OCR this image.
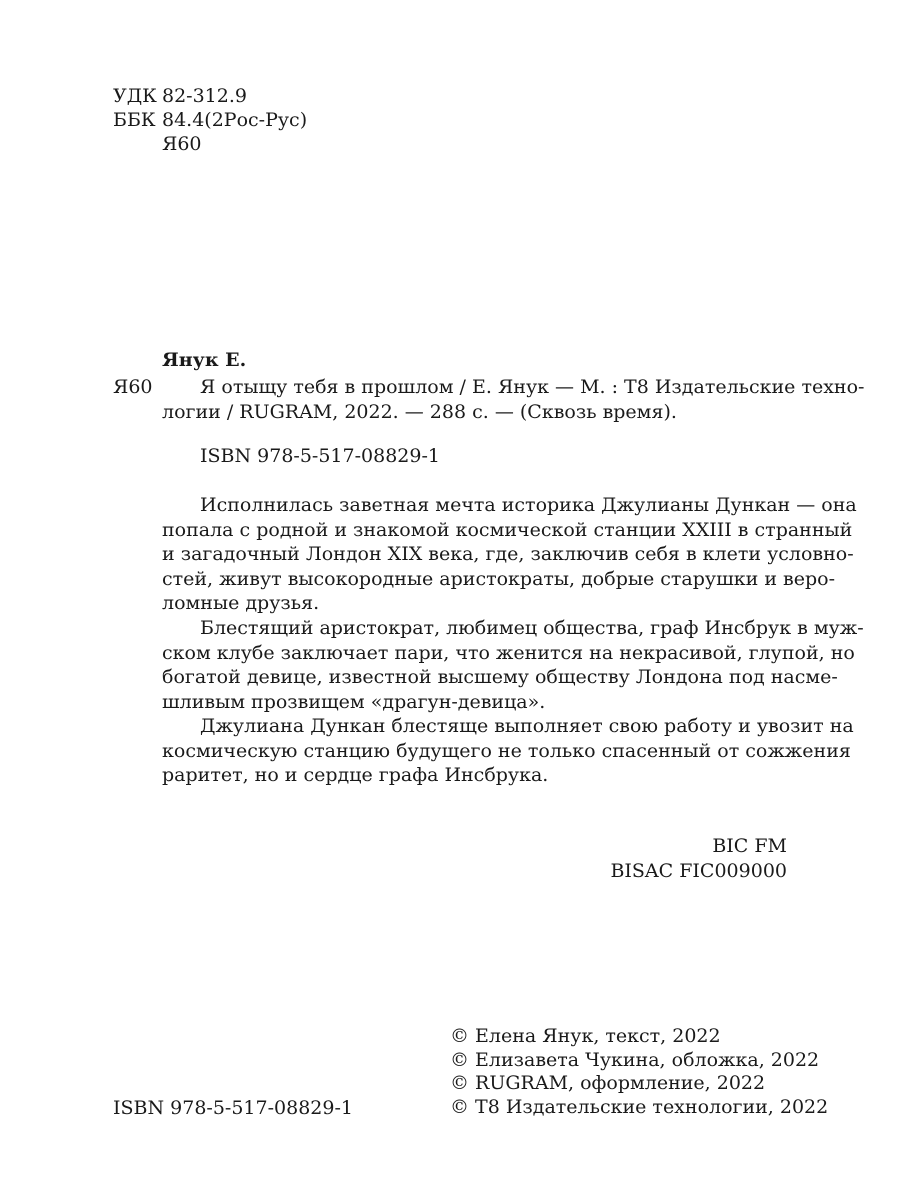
УДК 82-312.9
ББК 84.4(2Рос-Рус)
Я60
Янук Е.
Я60 Я отыщу тебя в прошлом / Е. Янук — М. : Т8 Издательские техно-
логии / RUGRAM, 2022. — 288 с. — (Сквозь время).
ISBN 978-5-517-08829-1
Исполнилась заветная мечта историка Джулианы Дункан — она
попала с родной и знакомой космической станции XXIII в странный
и загадочный Лондон XIX века, где, заключив себя в клети условно-
стей, живут высокородные аристократы, добрые старушки и веро-
ломные друзья.
Блестящий аристократ, любимец общества, граф Инсбрук в муж-
ском клубе заключает пари, что женится на некрасивой, глупой, но
богатой девице, известной высшему обществу Лондона под насме-
шливым прозвищем «драгун-девица».
Джулиана Дункан блестяще выполняет свою работу и увозит на
космическую станцию будущего не только спасенный от сожжения
раритет, но и сердце графа Инсбрука.
BIC FM
BISAC FIC009000
ISBN 978-5-517-08829-1
© Елена Янук, текст, 2022
© Елизавета Чукина, обложка, 2022
© RUGRAM, оформление, 2022
© Т8 Издательские технологии, 2022
